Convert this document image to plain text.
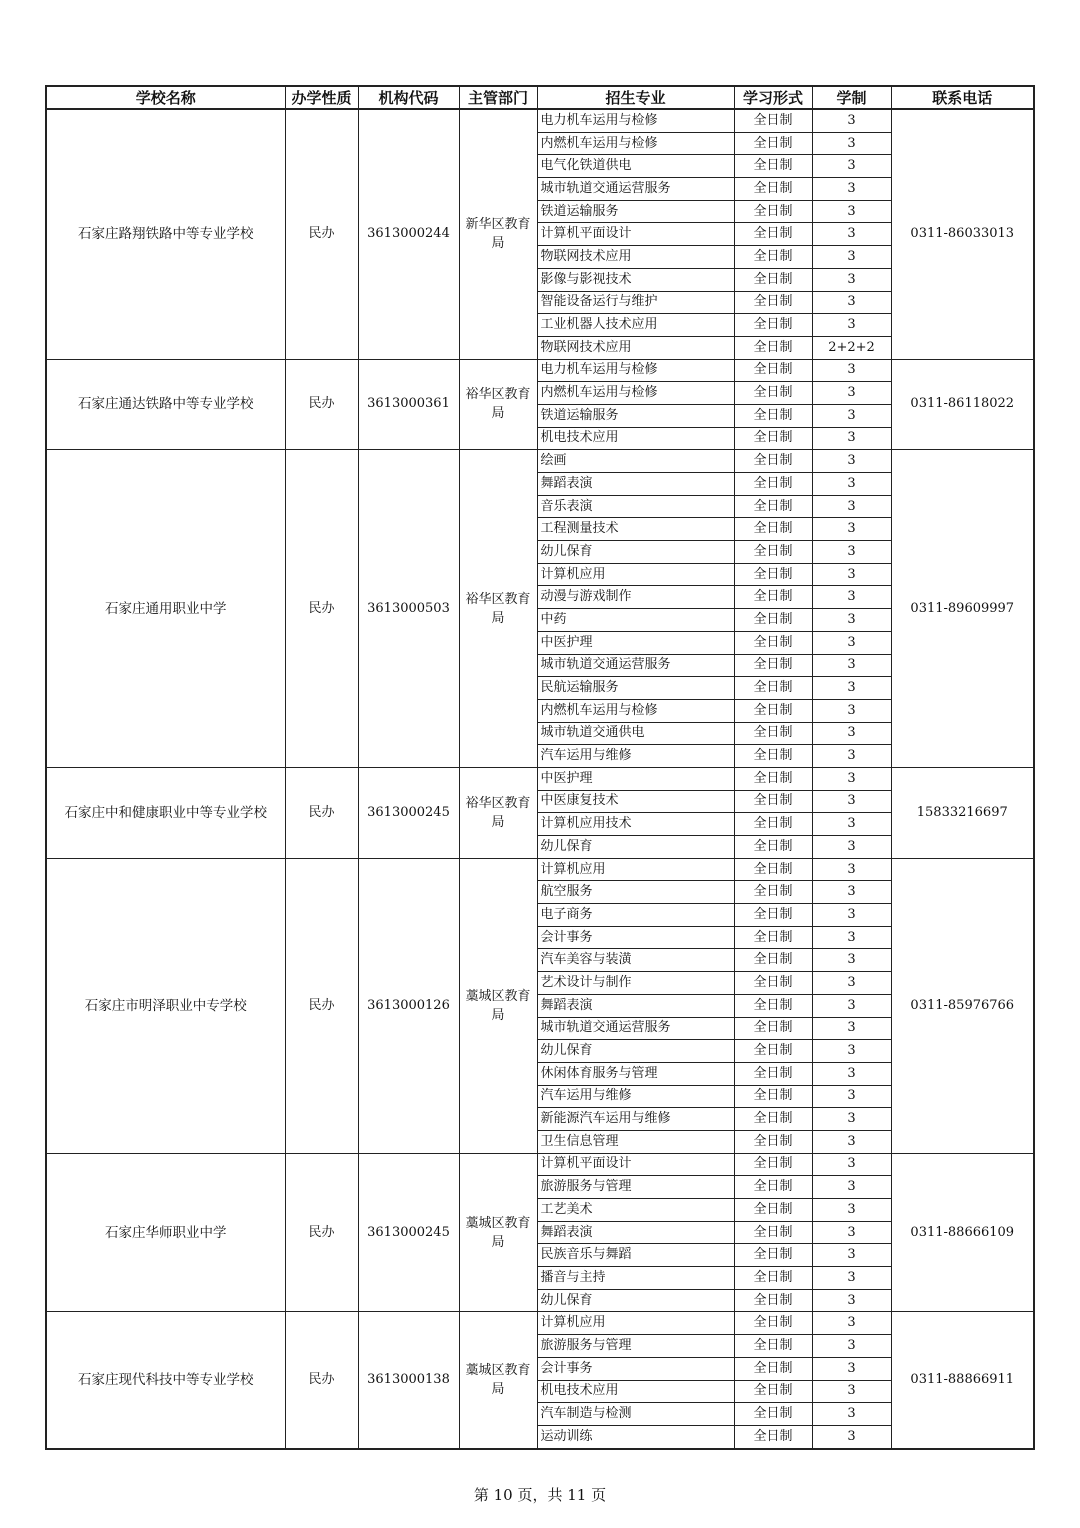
学校名称	办学性质	机构代码	主管部门	招生专业	学习形式	学制	联系电话
石家庄路翔铁路中等专业学校	民办	3613000244	新华区教育局	电力机车运用与检修	全日制	3	0311-86033013
				内燃机车运用与检修	全日制	3	
				电气化铁道供电	全日制	3	
				城市轨道交通运营服务	全日制	3	
				铁道运输服务	全日制	3	
				计算机平面设计	全日制	3	
				物联网技术应用	全日制	3	
				影像与影视技术	全日制	3	
				智能设备运行与维护	全日制	3	
				工业机器人技术应用	全日制	3	
				物联网技术应用	全日制	2+2+2	
石家庄通达铁路中等专业学校	民办	3613000361	裕华区教育局	电力机车运用与检修	全日制	3	0311-86118022
				内燃机车运用与检修	全日制	3	
				铁道运输服务	全日制	3	
				机电技术应用	全日制	3	
石家庄通用职业中学	民办	3613000503	裕华区教育局	绘画	全日制	3	0311-89609997
				舞蹈表演	全日制	3	
				音乐表演	全日制	3	
				工程测量技术	全日制	3	
				幼儿保育	全日制	3	
				计算机应用	全日制	3	
				动漫与游戏制作	全日制	3	
				中药	全日制	3	
				中医护理	全日制	3	
				城市轨道交通运营服务	全日制	3	
				民航运输服务	全日制	3	
				内燃机车运用与检修	全日制	3	
				城市轨道交通供电	全日制	3	
				汽车运用与维修	全日制	3	
石家庄中和健康职业中等专业学校	民办	3613000245	裕华区教育局	中医护理	全日制	3	15833216697
				中医康复技术	全日制	3	
				计算机应用技术	全日制	3	
				幼儿保育	全日制	3	
石家庄市明泽职业中专学校	民办	3613000126	藁城区教育局	计算机应用	全日制	3	0311-85976766
				航空服务	全日制	3	
				电子商务	全日制	3	
				会计事务	全日制	3	
				汽车美容与装潢	全日制	3	
				艺术设计与制作	全日制	3	
				舞蹈表演	全日制	3	
				城市轨道交通运营服务	全日制	3	
				幼儿保育	全日制	3	
				休闲体育服务与管理	全日制	3	
				汽车运用与维修	全日制	3	
				新能源汽车运用与维修	全日制	3	
				卫生信息管理	全日制	3	
石家庄华师职业中学	民办	3613000245	藁城区教育局	计算机平面设计	全日制	3	0311-88666109
				旅游服务与管理	全日制	3	
				工艺美术	全日制	3	
				舞蹈表演	全日制	3	
				民族音乐与舞蹈	全日制	3	
				播音与主持	全日制	3	
				幼儿保育	全日制	3	
石家庄现代科技中等专业学校	民办	3613000138	藁城区教育局	计算机应用	全日制	3	0311-88866911
				旅游服务与管理	全日制	3	
				会计事务	全日制	3	
				机电技术应用	全日制	3	
				汽车制造与检测	全日制	3	
				运动训练	全日制	3	
第 10 页，共 11 页
